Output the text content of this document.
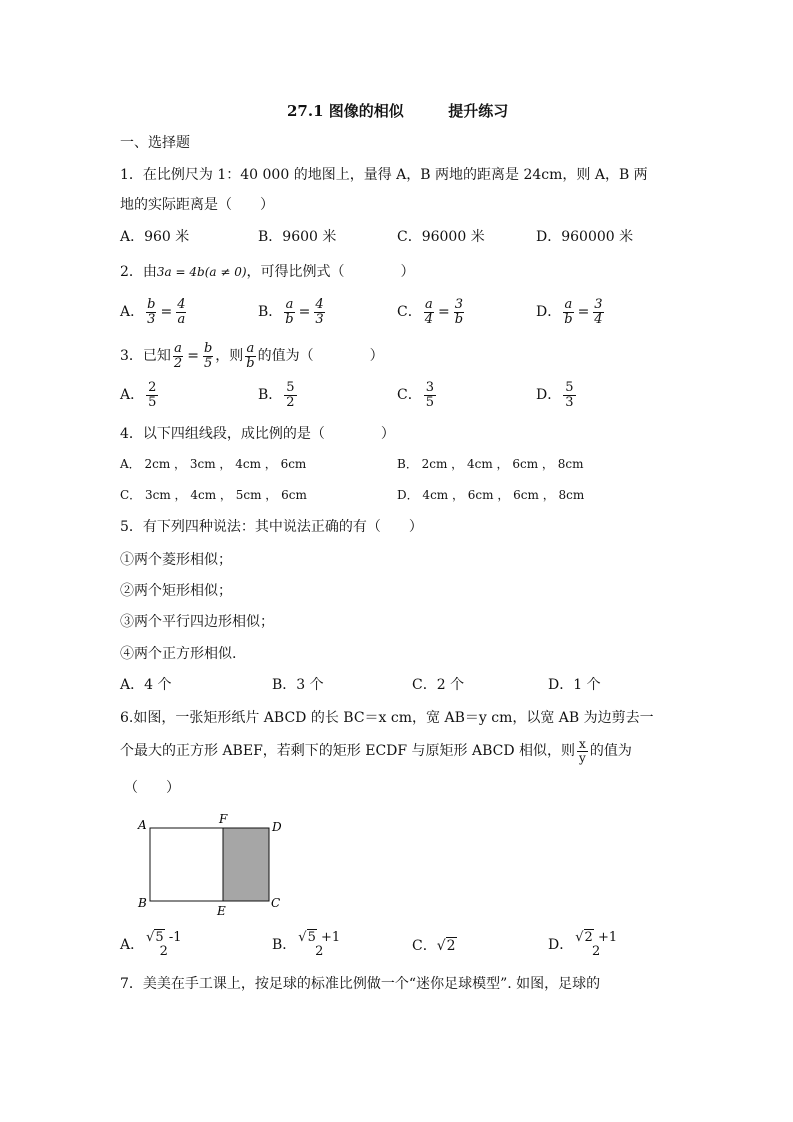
27.1 图像的相似	提升练习
一、选择题
1．在比例尺为 1：40 000 的地图上，量得 A，B 两地的距离是 24cm，则 A，B 两
地的实际距离是（　　）
A．960 米	B．9600 米	C．96000 米	D．960000 米
2．由3a = 4b(a ≠ 0)，可得比例式（　　　　）
A． $\frac{b}{3} = \frac{4}{a}$	B． $\frac{a}{b} = \frac{4}{3}$	C． $\frac{a}{4} = \frac{3}{b}$	D． $\frac{a}{b} = \frac{3}{4}$
3．已知 $\frac{a}{2} = \frac{b}{5}$ ，则 $\frac{a}{b}$ 的值为（　　　　）
A． $\frac{2}{5}$	B． $\frac{5}{2}$	C． $\frac{3}{5}$	D． $\frac{5}{3}$
4．以下四组线段，成比例的是（　　　　）
A． 2cm ， 3cm ， 4cm ， 6cm	B． 2cm ， 4cm ， 6cm ， 8cm
C． 3cm ， 4cm ， 5cm ， 6cm	D． 4cm ， 6cm ， 6cm ， 8cm
5．有下列四种说法：其中说法正确的有（　　）
①两个菱形相似；
②两个矩形相似；
③两个平行四边形相似；
④两个正方形相似.
A．4 个	B．3 个	C．2 个	D．1 个
6.如图，一张矩形纸片 ABCD 的长 BC＝x cm，宽 AB＝y cm，以宽 AB 为边剪去一
个最大的正方形 ABEF，若剩下的矩形 ECDF 与原矩形 ABCD 相似，则 $\frac{x}{y}$ 的值为
（　　）
A	F
D
B
E
C
A． √5 -1
2	B． √5 +1
2	C． √2	D． √2 +1
2
7．美美在手工课上，按足球的标准比例做一个“迷你足球模型”. 如图，足球的
